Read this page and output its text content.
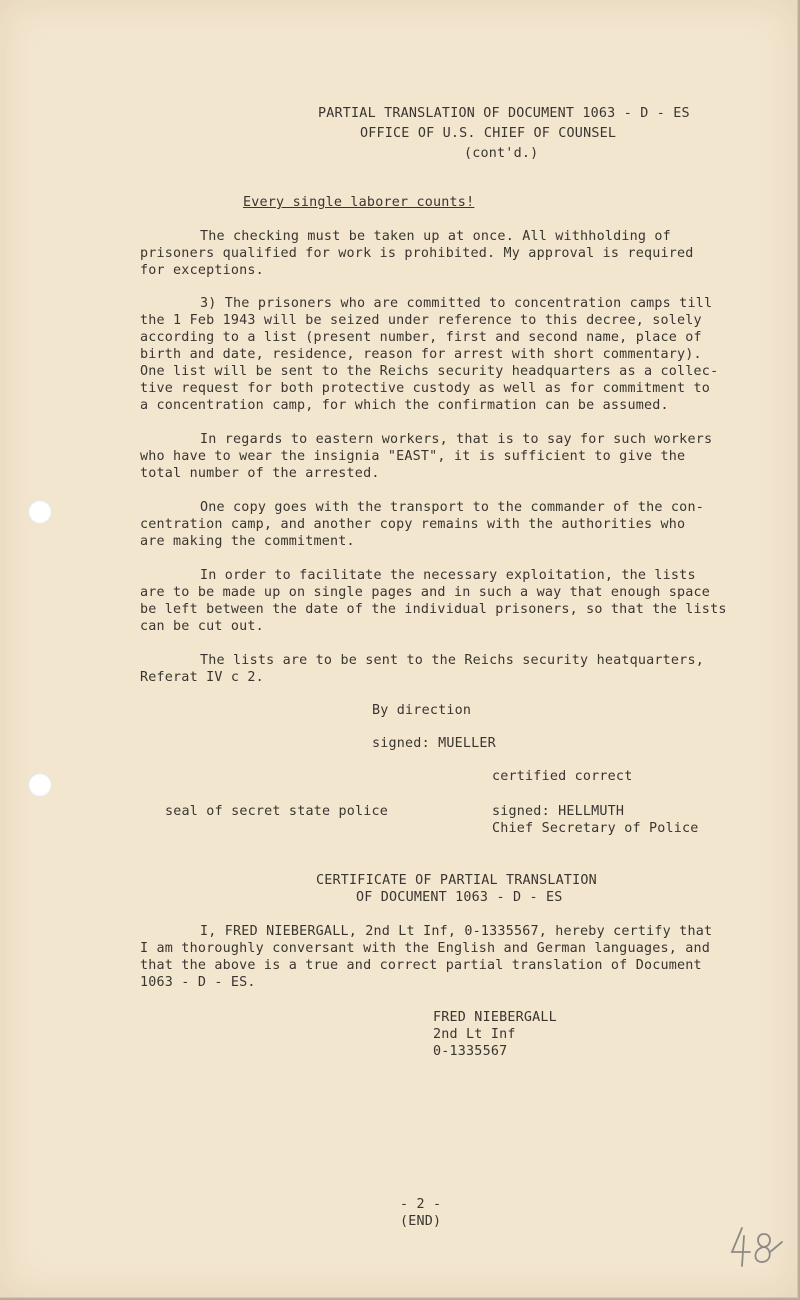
PARTIAL TRANSLATION OF DOCUMENT 1063 - D - ES
OFFICE OF U.S. CHIEF OF COUNSEL
(cont'd.)
Every single laborer counts!
The checking must be taken up at once. All withholding of
prisoners qualified for work is prohibited. My approval is required
for exceptions.
3) The prisoners who are committed to concentration camps till
the 1 Feb 1943 will be seized under reference to this decree, solely
according to a list (present number, first and second name, place of
birth and date, residence, reason for arrest with short commentary).
One list will be sent to the Reichs security headquarters as a collec-
tive request for both protective custody as well as for commitment to
a concentration camp, for which the confirmation can be assumed.
In regards to eastern workers, that is to say for such workers
who have to wear the insignia "EAST", it is sufficient to give the
total number of the arrested.
One copy goes with the transport to the commander of the con-
centration camp, and another copy remains with the authorities who
are making the commitment.
In order to facilitate the necessary exploitation, the lists
are to be made up on single pages and in such a way that enough space
be left between the date of the individual prisoners, so that the lists
can be cut out.
The lists are to be sent to the Reichs security heatquarters,
Referat IV c 2.
By direction
signed: MUELLER
certified correct
seal of secret state police	signed: HELLMUTH
Chief Secretary of Police
CERTIFICATE OF PARTIAL TRANSLATION
OF DOCUMENT 1063 - D - ES
I, FRED NIEBERGALL, 2nd Lt Inf, 0-1335567, hereby certify that
I am thoroughly conversant with the English and German languages, and
that the above is a true and correct partial translation of Document
1063 - D - ES.
FRED NIEBERGALL
2nd Lt Inf
0-1335567
- 2 -
(END)
